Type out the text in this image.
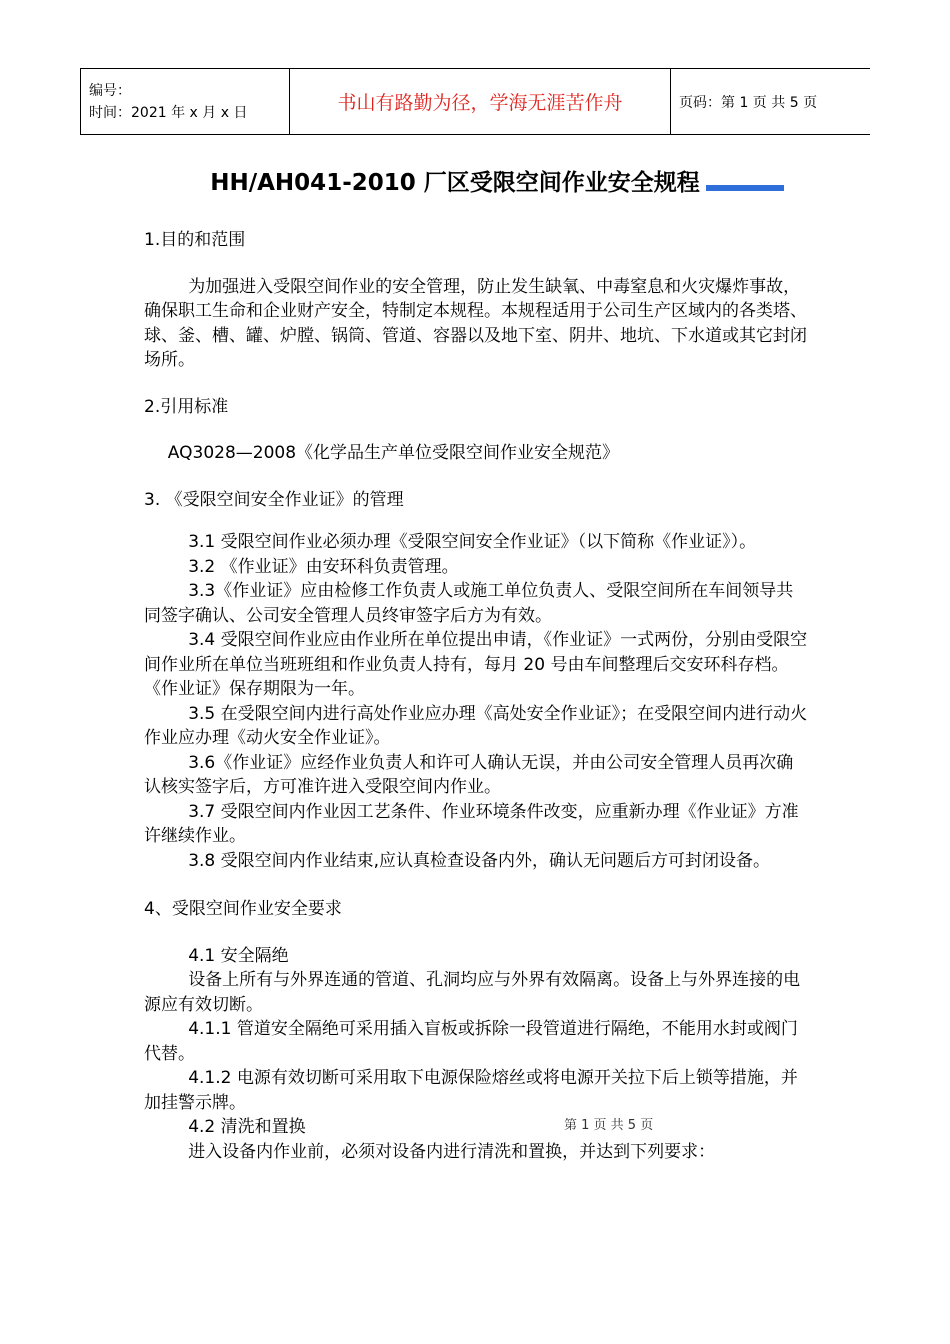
编号：
时间：2021 年 x 月 x 日	书山有路勤为径，学海无涯苦作舟	页码：第 1 页 共 5 页
HH/AH041-2010 厂区受限空间作业安全规程

1.目的和范围

为加强进入受限空间作业的安全管理，防止发生缺氧、中毒窒息和火灾爆炸事故，确保职工生命和企业财产安全，特制定本规程。本规程适用于公司生产区域内的各类塔、球、釜、槽、罐、炉膛、锅筒、管道、容器以及地下室、阴井、地坑、下水道或其它封闭场所。

2.引用标准

AQ3028—2008《化学品生产单位受限空间作业安全规范》

3. 《受限空间安全作业证》的管理

3.1 受限空间作业必须办理《受限空间安全作业证》（以下简称《作业证》）。

3.2 《作业证》由安环科负责管理。

3.3《作业证》应由检修工作负责人或施工单位负责人、受限空间所在车间领导共同签字确认、公司安全管理人员终审签字后方为有效。

3.4 受限空间作业应由作业所在单位提出申请，《作业证》一式两份，分别由受限空间作业所在单位当班班组和作业负责人持有，每月 20 号由车间整理后交安环科存档。《作业证》保存期限为一年。

3.5 在受限空间内进行高处作业应办理《高处安全作业证》；在受限空间内进行动火作业应办理《动火安全作业证》。

3.6《作业证》应经作业负责人和许可人确认无误，并由公司安全管理人员再次确认核实签字后，方可准许进入受限空间内作业。

3.7 受限空间内作业因工艺条件、作业环境条件改变，应重新办理《作业证》方准许继续作业。

3.8 受限空间内作业结束,应认真检查设备内外，确认无问题后方可封闭设备。

4、受限空间作业安全要求

4.1 安全隔绝

设备上所有与外界连通的管道、孔洞均应与外界有效隔离。设备上与外界连接的电源应有效切断。

4.1.1 管道安全隔绝可采用插入盲板或拆除一段管道进行隔绝，不能用水封或阀门代替。

4.1.2 电源有效切断可采用取下电源保险熔丝或将电源开关拉下后上锁等措施，并加挂警示牌。

4.2 清洗和置换

进入设备内作业前，必须对设备内进行清洗和置换，并达到下列要求：

第 1 页 共 5 页
